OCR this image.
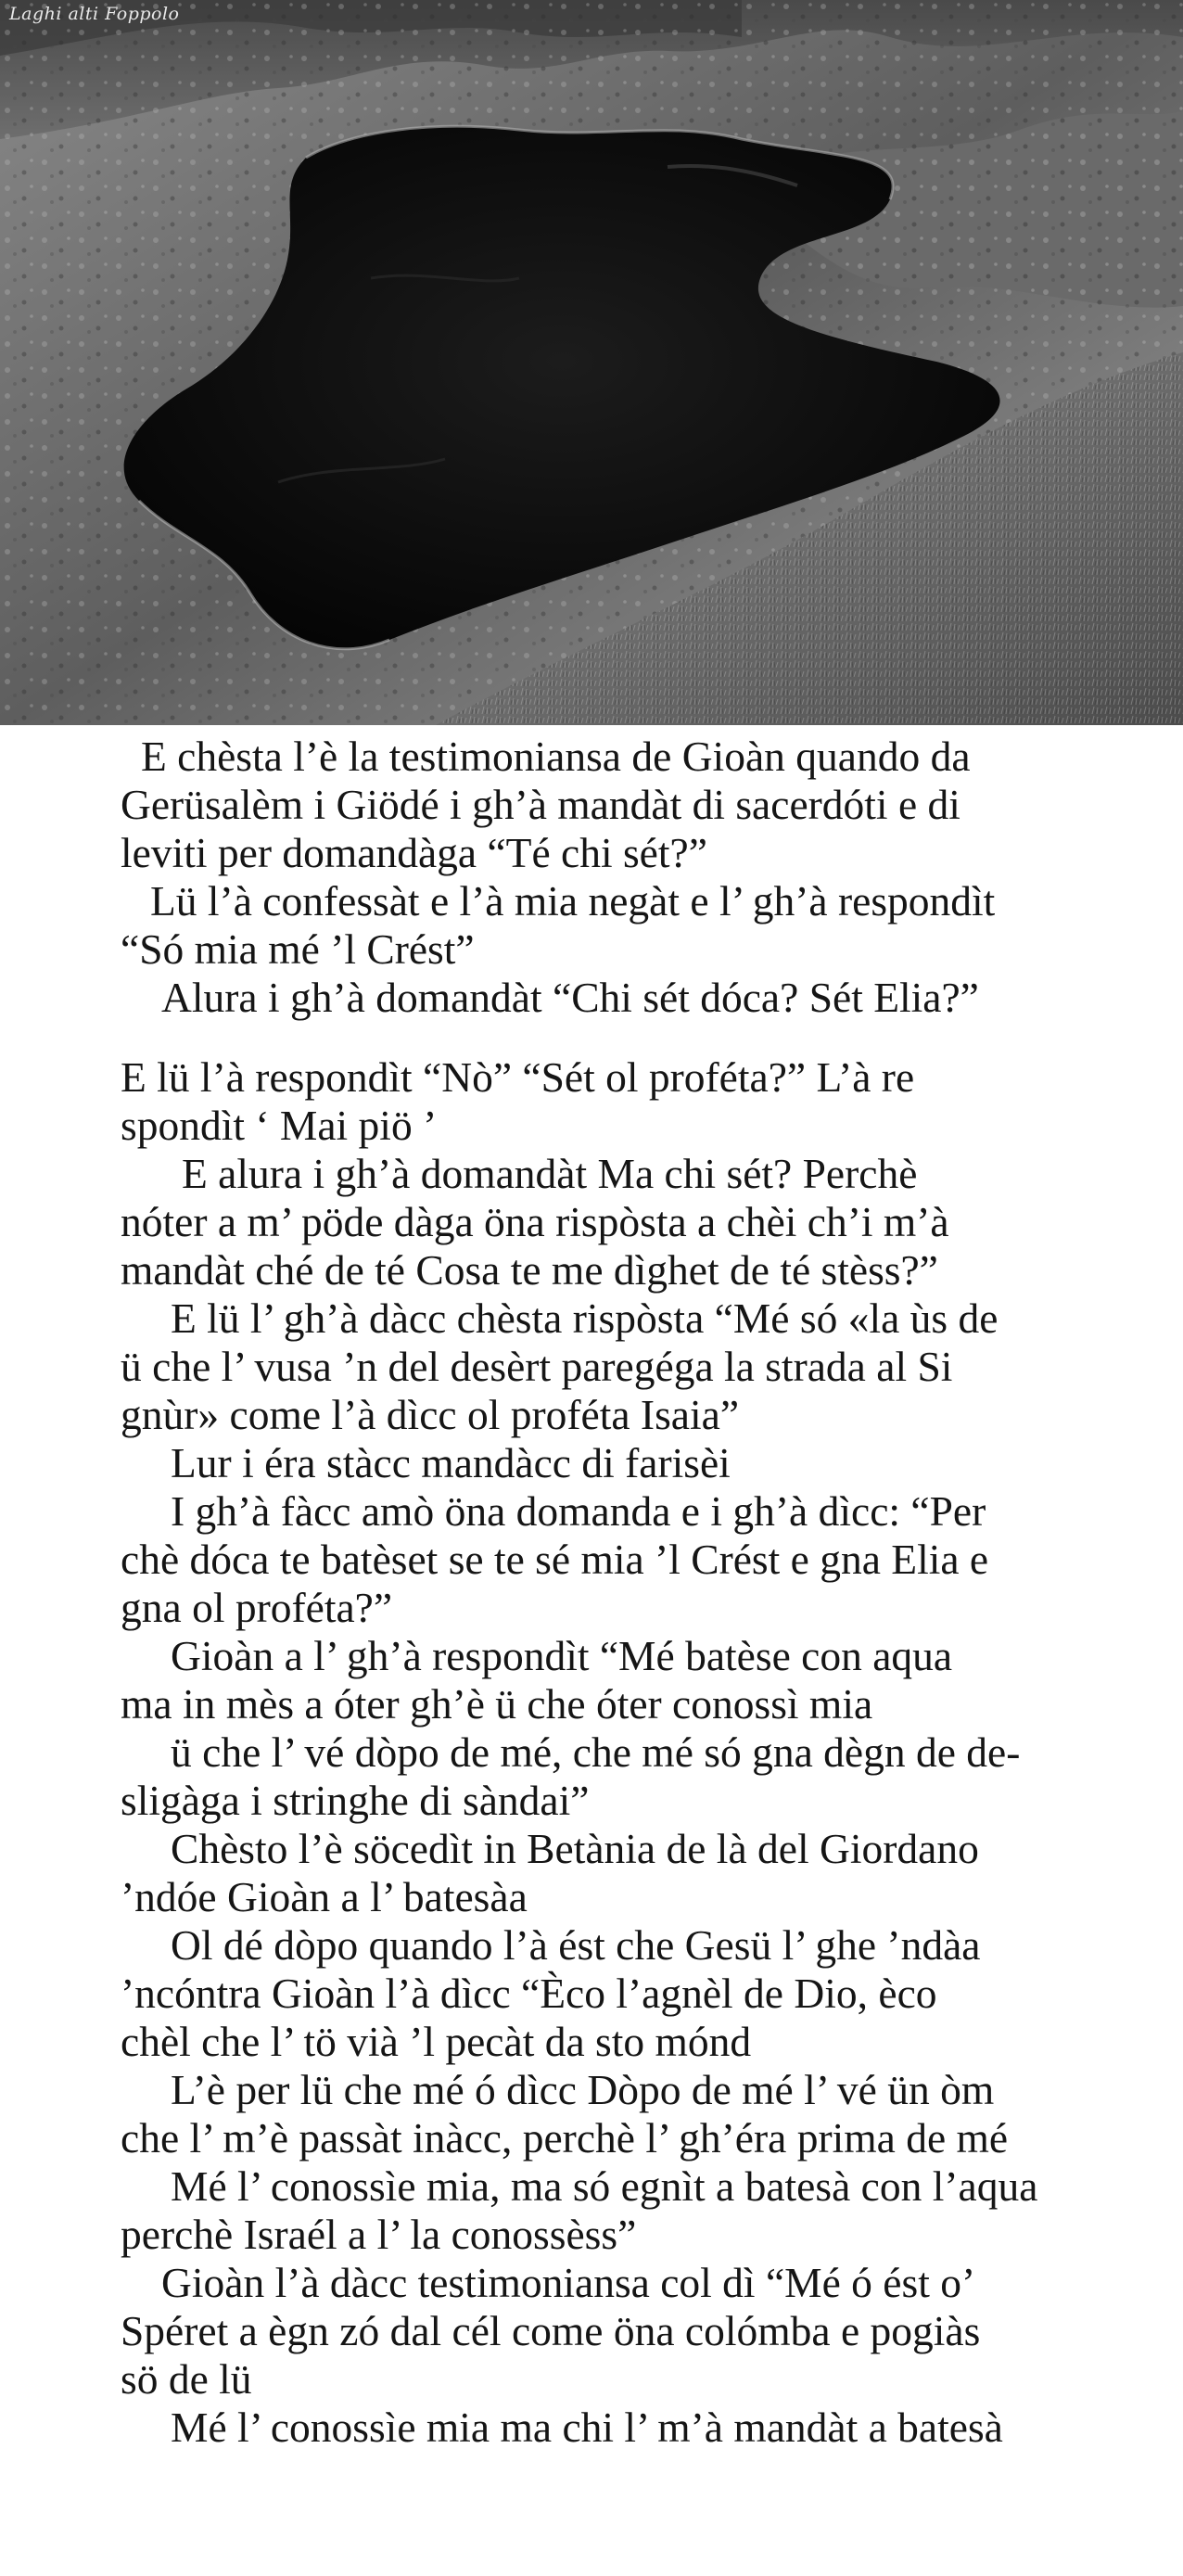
Laghi alti Foppolo
E chèsta l’è la testimoniansa de Gioàn quando da
Gerüsalèm i Giödé i gh’à mandàt di sacerdóti e di
leviti per domandàga “Té chi sét?”
Lü l’à confessàt e l’à mia negàt e l’ gh’à respondìt
“Só mia mé ’l Crést”
Alura i gh’à domandàt “Chi sét dóca? Sét Elia?”
E lü l’à respondìt “Nò” “Sét ol proféta?” L’à re
spondìt ‘ Mai piö ’
E alura i gh’à domandàt Ma chi sét? Perchè
nóter a m’ pöde dàga öna rispòsta a chèi ch’i m’à
mandàt ché de té Cosa te me dìghet de té stèss?”
E lü l’ gh’à dàcc chèsta rispòsta “Mé só «la ùs de
ü che l’ vusa ’n del desèrt paregéga la strada al Si
gnùr» come l’à dìcc ol proféta Isaia”
Lur i éra stàcc mandàcc di farisèi
I gh’à fàcc amò öna domanda e i gh’à dìcc: “Per
chè dóca te batèset se te sé mia ’l Crést e gna Elia e
gna ol proféta?”
Gioàn a l’ gh’à respondìt “Mé batèse con aqua
ma in mès a óter gh’è ü che óter conossì mia
ü che l’ vé dòpo de mé, che mé só gna dègn de de-
sligàga i stringhe di sàndai”
Chèsto l’è söcedìt in Betània de là del Giordano
’ndóe Gioàn a l’ batesàa
Ol dé dòpo quando l’à ést che Gesü l’ ghe ’ndàa
’ncóntra Gioàn l’à dìcc “Èco l’agnèl de Dio, èco
chèl che l’ tö vià ’l pecàt da sto mónd
L’è per lü che mé ó dìcc Dòpo de mé l’ vé ün òm
che l’ m’è passàt inàcc, perchè l’ gh’éra prima de mé
Mé l’ conossìe mia, ma só egnìt a batesà con l’aqua
perchè Israél a l’ la conossèss”
Gioàn l’à dàcc testimoniansa col dì “Mé ó ést o’
Spéret a ègn zó dal cél come öna colómba e pogiàs
sö de lü
Mé l’ conossìe mia ma chi l’ m’à mandàt a batesà
